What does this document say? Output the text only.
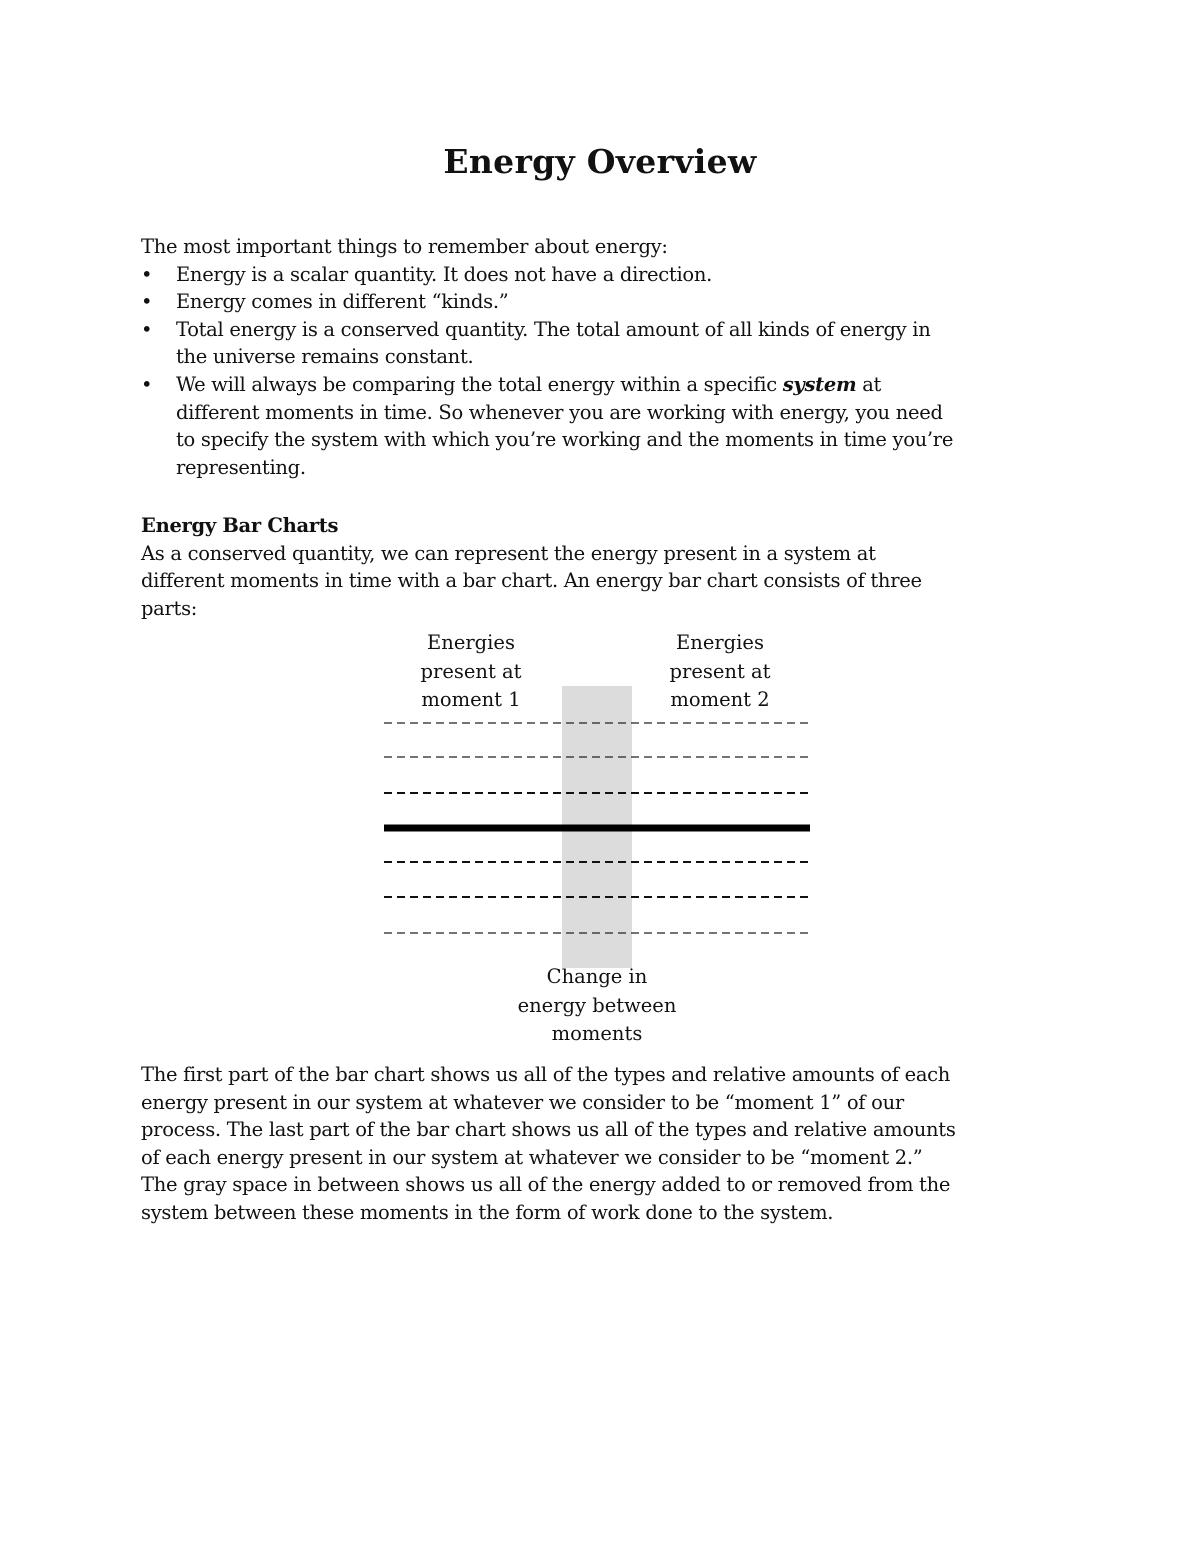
Energy Overview
The most important things to remember about energy:
• Energy is a scalar quantity. It does not have a direction.
• Energy comes in different “kinds.”
• Total energy is a conserved quantity. The total amount of all kinds of energy in
the universe remains constant.
• We will always be comparing the total energy within a specific system at
different moments in time. So whenever you are working with energy, you need
to specify the system with which you’re working and the moments in time you’re
representing.
Energy Bar Charts
As a conserved quantity, we can represent the energy present in a system at
different moments in time with a bar chart. An energy bar chart consists of three
parts:
Energies
present at
moment 1
Energies
present at
moment 2
Change in
energy between
moments
The first part of the bar chart shows us all of the types and relative amounts of each
energy present in our system at whatever we consider to be “moment 1” of our
process. The last part of the bar chart shows us all of the types and relative amounts
of each energy present in our system at whatever we consider to be “moment 2.”
The gray space in between shows us all of the energy added to or removed from the
system between these moments in the form of work done to the system.
